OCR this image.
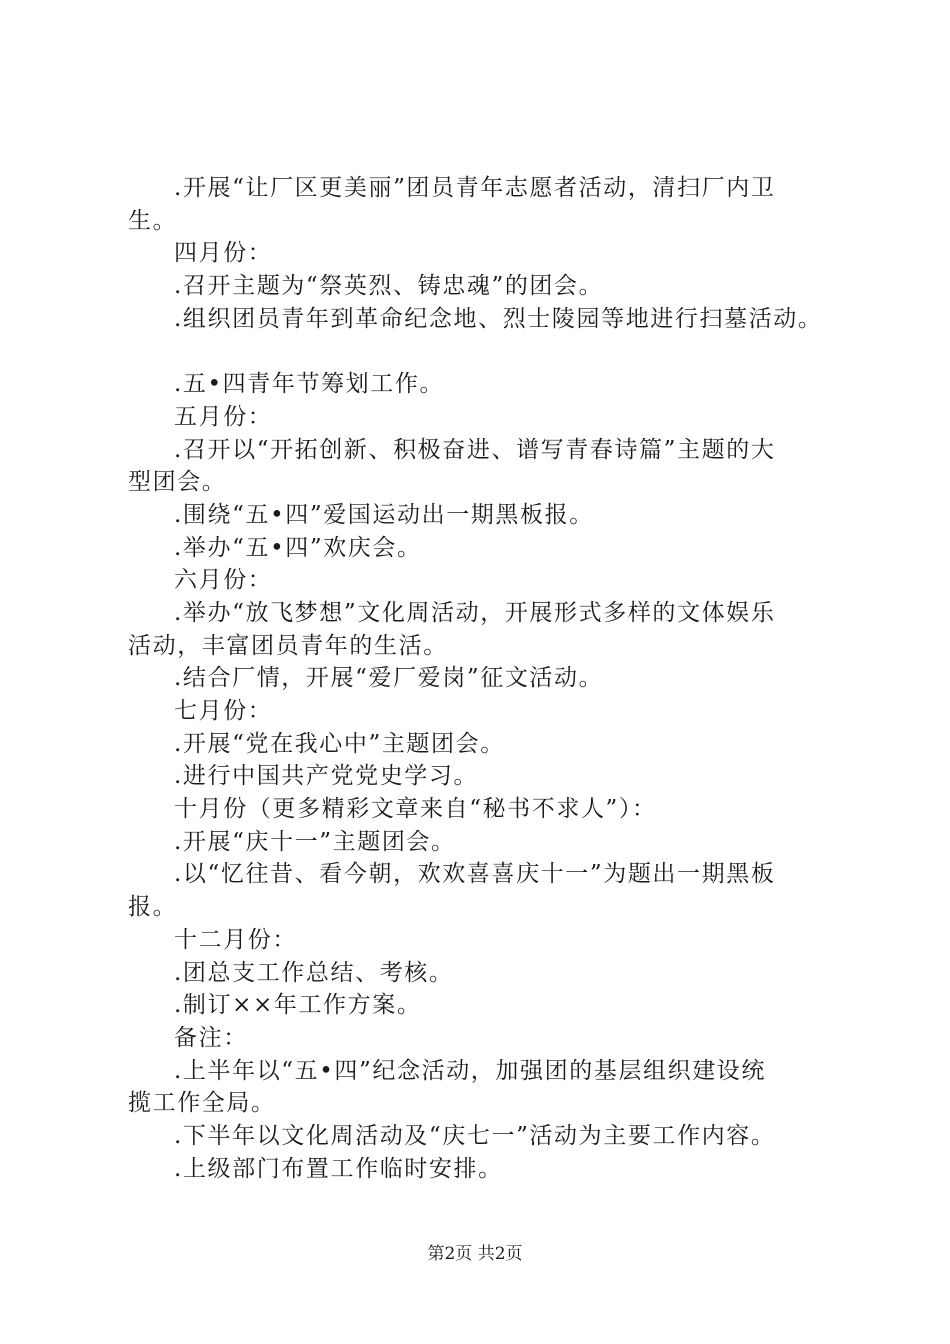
.开展“让厂区更美丽”团员青年志愿者活动，清扫厂内卫
生。
四月份：
.召开主题为“祭英烈、铸忠魂”的团会。
.组织团员青年到革命纪念地、烈士陵园等地进行扫墓活动。
.五•四青年节筹划工作。
五月份：
.召开以“开拓创新、积极奋进、谱写青春诗篇”主题的大
型团会。
.围绕“五•四”爱国运动出一期黑板报。
.举办“五•四”欢庆会。
六月份：
.举办“放飞梦想”文化周活动，开展形式多样的文体娱乐
活动，丰富团员青年的生活。
.结合厂情，开展“爱厂爱岗”征文活动。
七月份：
.开展“党在我心中”主题团会。
.进行中国共产党党史学习。
十月份（更多精彩文章来自“秘书不求人”）：
.开展“庆十一”主题团会。
.以“忆往昔、看今朝，欢欢喜喜庆十一”为题出一期黑板
报。
十二月份：
.团总支工作总结、考核。
.制订××年工作方案。
备注：
.上半年以“五•四”纪念活动，加强团的基层组织建设统
揽工作全局。
.下半年以文化周活动及“庆七一”活动为主要工作内容。
.上级部门布置工作临时安排。
第2页 共2页
